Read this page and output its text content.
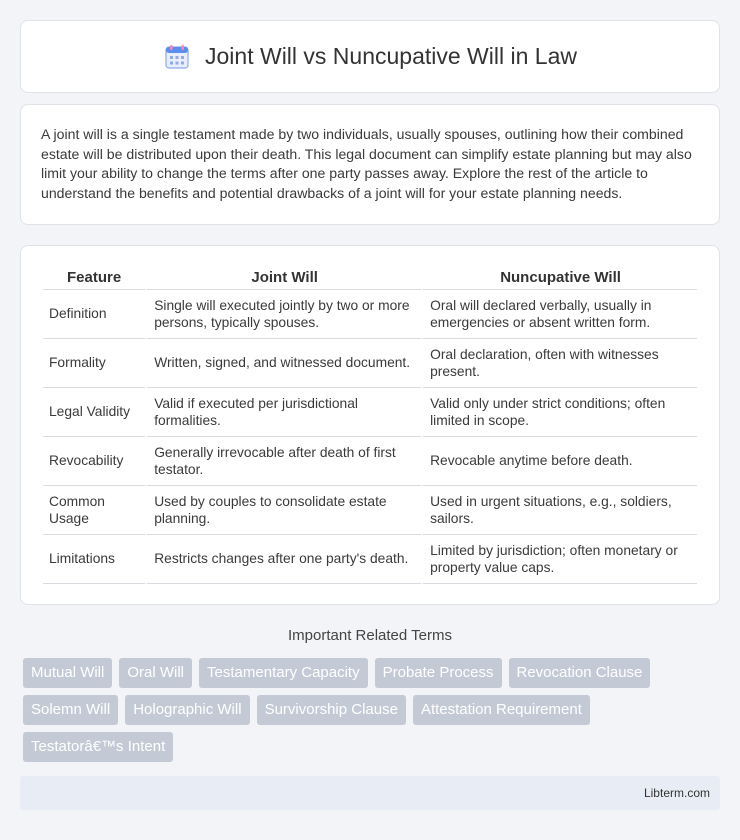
Joint Will vs Nuncupative Will in Law

A joint will is a single testament made by two individuals, usually spouses, outlining how their combined estate will be distributed upon their death. This legal document can simplify estate planning but may also limit your ability to change the terms after one party passes away. Explore the rest of the article to understand the benefits and potential drawbacks of a joint will for your estate planning needs.

Feature	Joint Will	Nuncupative Will
Definition	Single will executed jointly by two or more persons, typically spouses.	Oral will declared verbally, usually in emergencies or absent written form.
Formality	Written, signed, and witnessed document.	Oral declaration, often with witnesses present.
Legal Validity	Valid if executed per jurisdictional formalities.	Valid only under strict conditions; often limited in scope.
Revocability	Generally irrevocable after death of first testator.	Revocable anytime before death.
Common Usage	Used by couples to consolidate estate planning.	Used in urgent situations, e.g., soldiers, sailors.
Limitations	Restricts changes after one party's death.	Limited by jurisdiction; often monetary or property value caps.
Important Related Terms
Mutual Will	Oral Will	Testamentary Capacity	Probate Process	Revocation Clause
Solemn Will	Holographic Will	Survivorship Clause	Attestation Requirement
Testatorâ€™s Intent
Libterm.com
